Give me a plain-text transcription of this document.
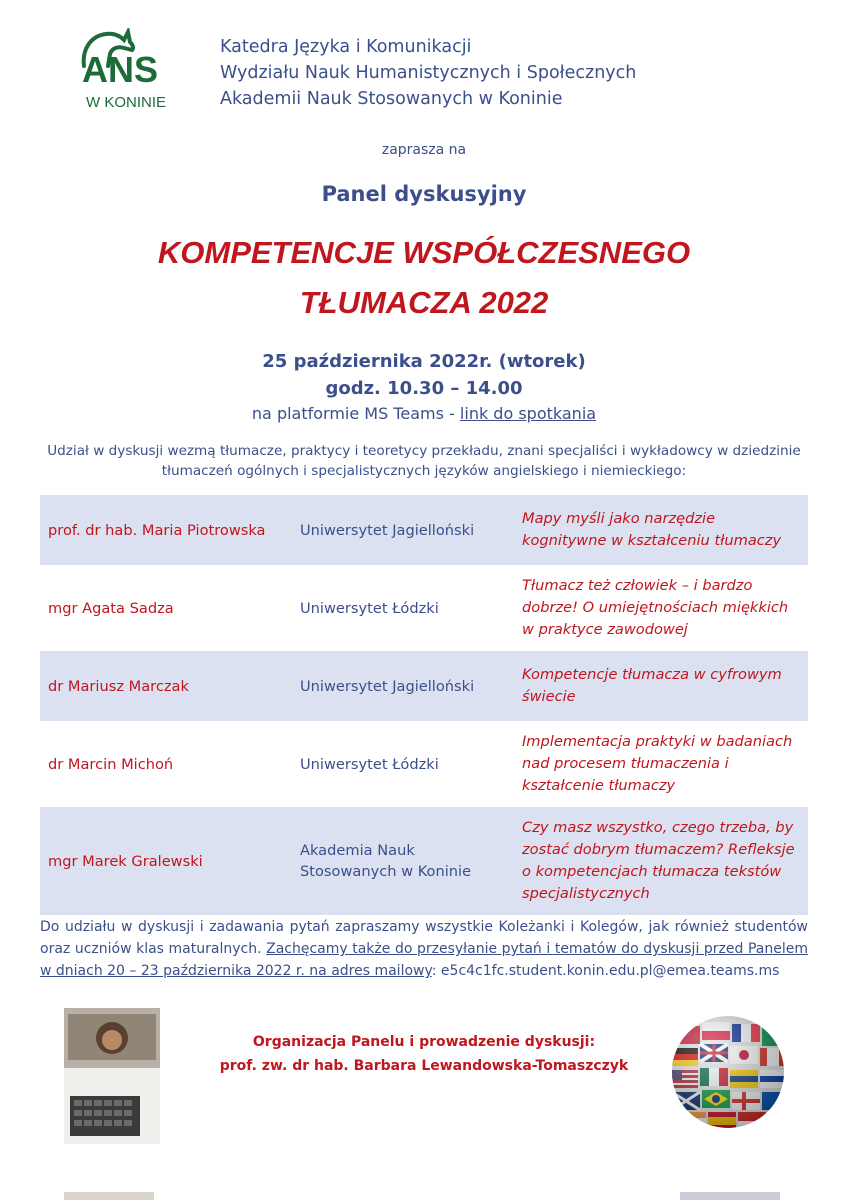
ANS
W KONINIE
Katedra Języka i Komunikacji
Wydziału Nauk Humanistycznych i Społecznych
Akademii Nauk Stosowanych w Koninie
zaprasza na
Panel dyskusyjny
KOMPETENCJE WSPÓŁCZESNEGO
TŁUMACZA 2022
25 października 2022r. (wtorek)
godz. 10.30 – 14.00
na platformie MS Teams - link do spotkania
Udział w dyskusji wezmą tłumacze, praktycy i teoretycy przekładu, znani specjaliści i wykładowcy w dziedzinie tłumaczeń ogólnych i specjalistycznych języków angielskiego i niemieckiego:
prof. dr hab. Maria Piotrowska	Uniwersytet Jagielloński	Mapy myśli jako narzędzie kognitywne w kształceniu tłumaczy
mgr Agata Sadza	Uniwersytet Łódzki	Tłumacz też człowiek – i bardzo dobrze! O umiejętnościach miękkich w praktyce zawodowej
dr Mariusz Marczak	Uniwersytet Jagielloński	Kompetencje tłumacza w cyfrowym świecie
dr Marcin Michoń	Uniwersytet Łódzki	Implementacja praktyki w badaniach nad procesem tłumaczenia i kształcenie tłumaczy
mgr Marek Gralewski	Akademia Nauk Stosowanych w Koninie	Czy masz wszystko, czego trzeba, by zostać dobrym tłumaczem? Refleksje o kompetencjach tłumacza tekstów specjalistycznych
Do udziału w dyskusji i zadawania pytań zapraszamy wszystkie Koleżanki i Kolegów, jak również studentów oraz uczniów klas maturalnych. Zachęcamy także do przesyłanie pytań i tematów do dyskusji przed Panelem w dniach 20 – 23 października 2022 r. na adres mailowy: e5c4c1fc.student.konin.edu.pl@emea.teams.ms
Organizacja Panelu i prowadzenie dyskusji:
prof. zw. dr hab. Barbara Lewandowska-Tomaszczyk
